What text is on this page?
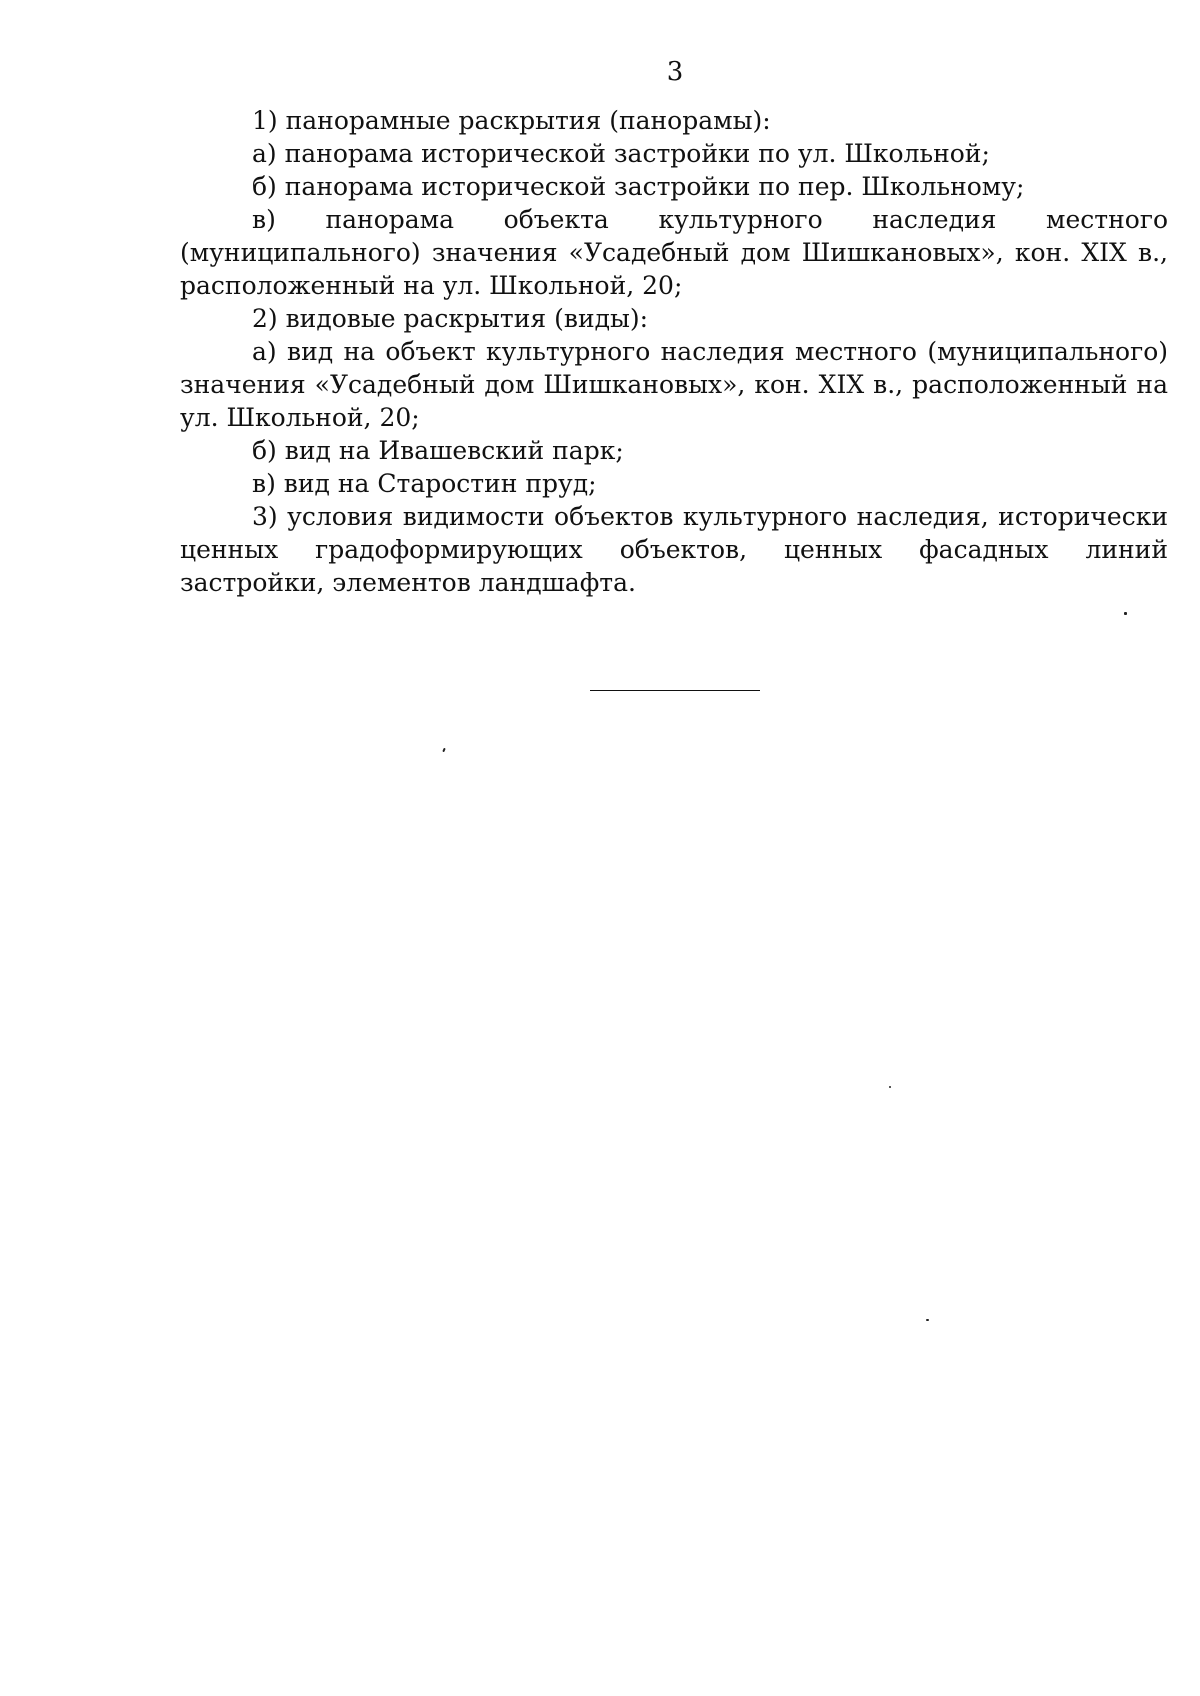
3

1) панорамные раскрытия (панорамы):

а) панорама исторической застройки по ул. Школьной;

б) панорама исторической застройки по пер. Школьному;

в) панорама объекта культурного наследия местного (муниципального) значения «Усадебный дом Шишкановых», кон. XIX в., расположенный на ул. Школьной, 20;

2) видовые раскрытия (виды):

а) вид на объект культурного наследия местного (муниципального) значения «Усадебный дом Шишкановых», кон. XIX в., расположенный на ул. Школьной, 20;

б) вид на Ивашевский парк;

в) вид на Старостин пруд;

3) условия видимости объектов культурного наследия, исторически ценных градоформирующих объектов, ценных фасадных линий застройки, элементов ландшафта.
